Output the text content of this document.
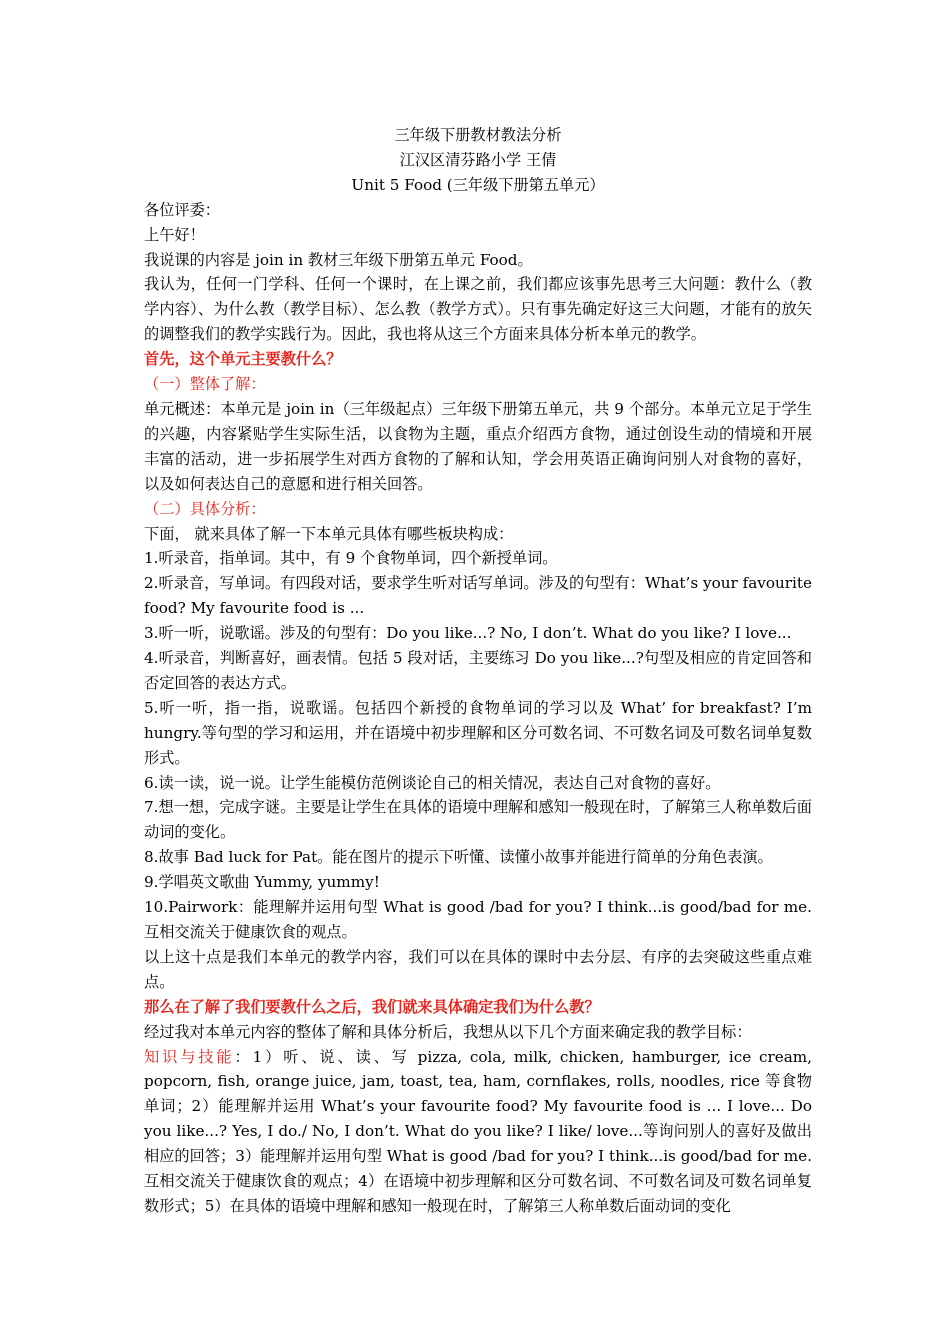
三年级下册教材教法分析
江汉区清芬路小学 王倩
Unit 5 Food (三年级下册第五单元）

各位评委：

上午好！

我说课的内容是 join in 教材三年级下册第五单元 Food。

我认为，任何一门学科、任何一个课时，在上课之前，我们都应该事先思考三大问题：教什么（教学内容）、为什么教（教学目标）、怎么教（教学方式）。只有事先确定好这三大问题，才能有的放矢的调整我们的教学实践行为。因此，我也将从这三个方面来具体分析本单元的教学。

首先，这个单元主要教什么？

（一）整体了解：

单元概述：本单元是 join in（三年级起点）三年级下册第五单元，共 9 个部分。本单元立足于学生的兴趣，内容紧贴学生实际生活，以食物为主题，重点介绍西方食物，通过创设生动的情境和开展丰富的活动，进一步拓展学生对西方食物的了解和认知，学会用英语正确询问别人对食物的喜好，以及如何表达自己的意愿和进行相关回答。

（二）具体分析：

下面， 就来具体了解一下本单元具体有哪些板块构成：

1.听录音，指单词。其中，有 9 个食物单词，四个新授单词。

2.听录音，写单词。有四段对话，要求学生听对话写单词。涉及的句型有：What’s your favourite food? My favourite food is ...

3.听一听，说歌谣。涉及的句型有：Do you like...? No, I don’t. What do you like? I love...

4.听录音，判断喜好，画表情。包括 5 段对话，主要练习 Do you like...?句型及相应的肯定回答和否定回答的表达方式。

5.听一听，指一指，说歌谣。包括四个新授的食物单词的学习以及 What’ for breakfast? I’m hungry.等句型的学习和运用，并在语境中初步理解和区分可数名词、不可数名词及可数名词单复数形式。

6.读一读，说一说。让学生能模仿范例谈论自己的相关情况，表达自己对食物的喜好。

7.想一想，完成字谜。主要是让学生在具体的语境中理解和感知一般现在时，了解第三人称单数后面动词的变化。

8.故事 Bad luck for Pat。能在图片的提示下听懂、读懂小故事并能进行简单的分角色表演。

9.学唱英文歌曲 Yummy, yummy!

10.Pairwork：能理解并运用句型 What is good /bad for you? I think...is good/bad for me. 互相交流关于健康饮食的观点。

以上这十点是我们本单元的教学内容，我们可以在具体的课时中去分层、有序的去突破这些重点难点。

那么在了解了我们要教什么之后，我们就来具体确定我们为什么教？

经过我对本单元内容的整体了解和具体分析后，我想从以下几个方面来确定我的教学目标：

知识与技能：1）听、说、读、写 pizza, cola, milk, chicken, hamburger, ice cream, popcorn, fish, orange juice, jam, toast, tea, ham, cornflakes, rolls, noodles, rice 等食物单词；2）能理解并运用 What’s your favourite food? My favourite food is ... I love... Do you like...? Yes, I do./ No, I don’t. What do you like? I like/ love...等询问别人的喜好及做出相应的回答；3）能理解并运用句型 What is good /bad for you? I think...is good/bad for me. 互相交流关于健康饮食的观点；4）在语境中初步理解和区分可数名词、不可数名词及可数名词单复数形式；5）在具体的语境中理解和感知一般现在时，了解第三人称单数后面动词的变化
